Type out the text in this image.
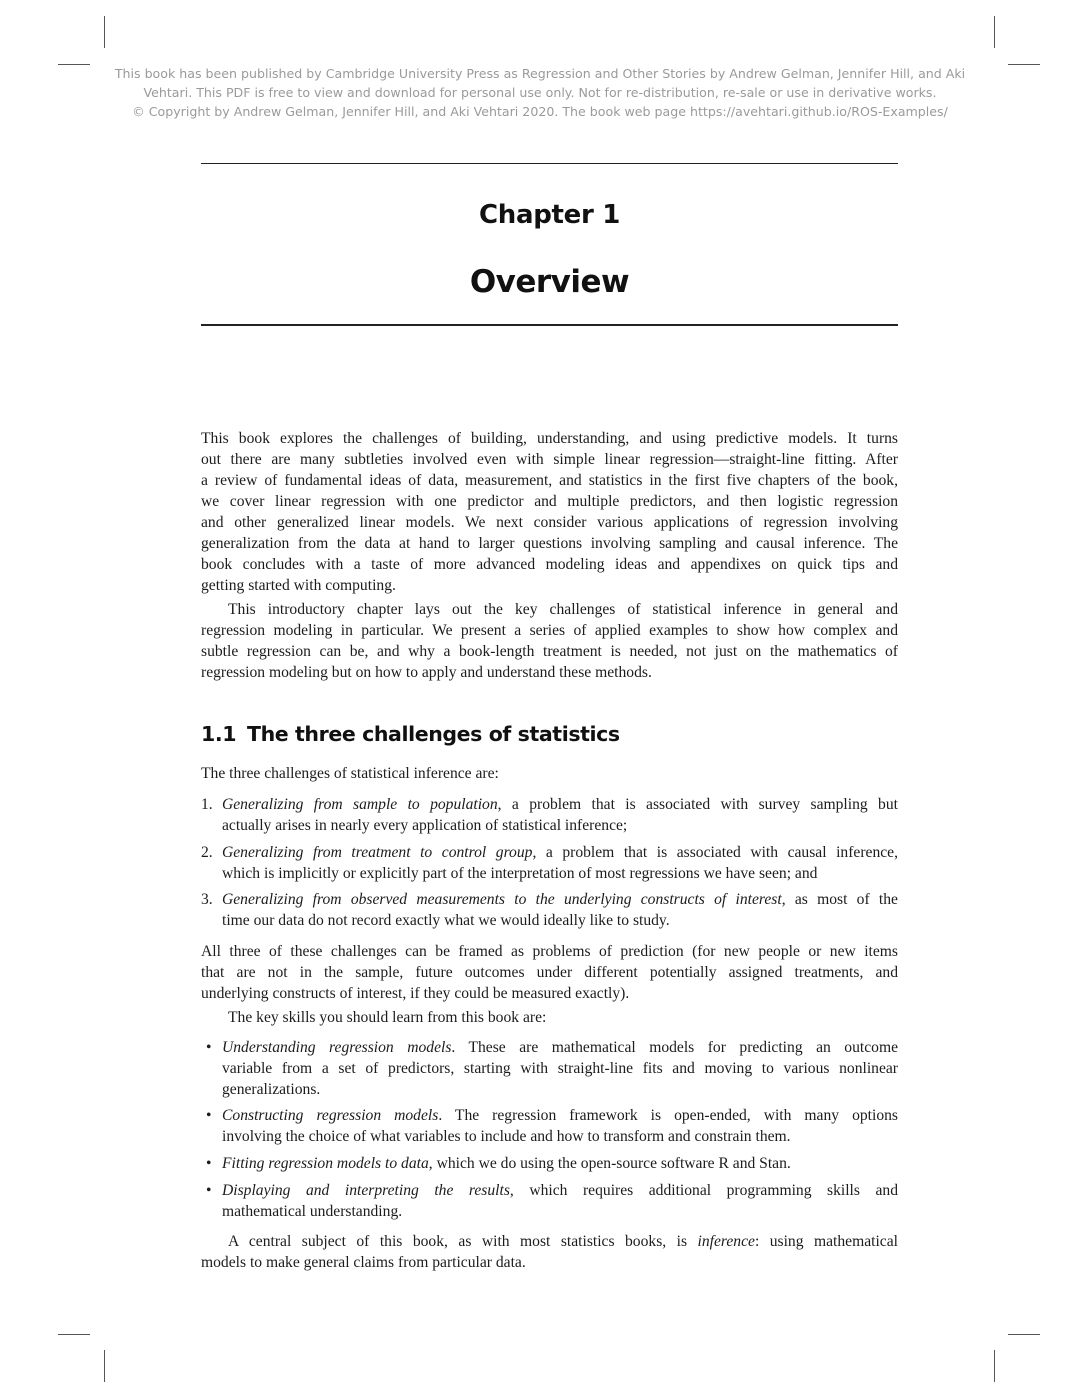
This book has been published by Cambridge University Press as Regression and Other Stories by Andrew Gelman, Jennifer Hill, and Aki
Vehtari. This PDF is free to view and download for personal use only. Not for re-distribution, re-sale or use in derivative works.
© Copyright by Andrew Gelman, Jennifer Hill, and Aki Vehtari 2020. The book web page https://avehtari.github.io/ROS-Examples/
Chapter 1
Overview
This book explores the challenges of building, understanding, and using predictive models. It turns
out there are many subtleties involved even with simple linear regression—straight-line fitting. After
a review of fundamental ideas of data, measurement, and statistics in the first five chapters of the book,
we cover linear regression with one predictor and multiple predictors, and then logistic regression
and other generalized linear models. We next consider various applications of regression involving
generalization from the data at hand to larger questions involving sampling and causal inference. The
book concludes with a taste of more advanced modeling ideas and appendixes on quick tips and
getting started with computing.
This introductory chapter lays out the key challenges of statistical inference in general and
regression modeling in particular. We present a series of applied examples to show how complex and
subtle regression can be, and why a book-length treatment is needed, not just on the mathematics of
regression modeling but on how to apply and understand these methods.
1.1 The three challenges of statistics
The three challenges of statistical inference are:
1. Generalizing from sample to population, a problem that is associated with survey sampling but
actually arises in nearly every application of statistical inference;
2. Generalizing from treatment to control group, a problem that is associated with causal inference,
which is implicitly or explicitly part of the interpretation of most regressions we have seen; and
3. Generalizing from observed measurements to the underlying constructs of interest, as most of the
time our data do not record exactly what we would ideally like to study.
All three of these challenges can be framed as problems of prediction (for new people or new items
that are not in the sample, future outcomes under different potentially assigned treatments, and
underlying constructs of interest, if they could be measured exactly).
The key skills you should learn from this book are:
• Understanding regression models. These are mathematical models for predicting an outcome
variable from a set of predictors, starting with straight-line fits and moving to various nonlinear
generalizations.
• Constructing regression models. The regression framework is open-ended, with many options
involving the choice of what variables to include and how to transform and constrain them.
• Fitting regression models to data, which we do using the open-source software R and Stan.
• Displaying and interpreting the results, which requires additional programming skills and
mathematical understanding.
A central subject of this book, as with most statistics books, is inference: using mathematical
models to make general claims from particular data.
